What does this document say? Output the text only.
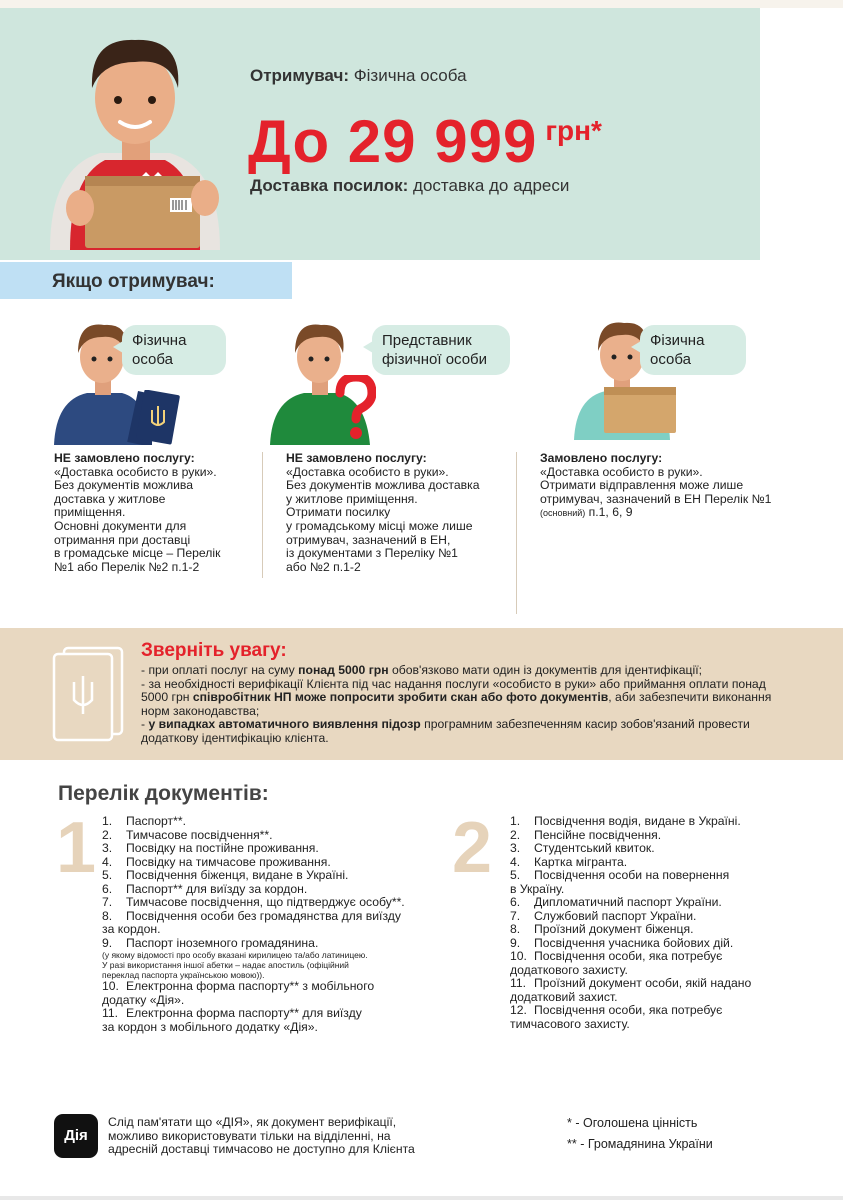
Отримувач: Фізична особа
До 29 999 $^{грн*}$
Доставка посилок: доставка до адреси
Якщо отримувач:
Фізична
особа

НЕ замовлено послугу:

«Доставка особисто в руки».

Без документів можлива

доставка у житлове

приміщення.

Основні документи для

отримання при доставці

в громадське місце – Перелік

№1 або Перелік №2 п.1-2

Представник
фізичної особи

НЕ замовлено послугу:

«Доставка особисто в руки».

Без документів можлива доставка

у житлове приміщення.

Отримати посилку

у громадському місці може лише

отримувач, зазначений в ЕН,

із документами з Переліку №1

або №2 п.1-2

Фізична
особа

Замовлено послугу:

«Доставка особисто в руки».

Отримати відправлення може лише

отримувач, зазначений в ЕН Перелік №1

(основний) п.1, 6, 9

Зверніть увагу:

- при оплаті послуг на суму понад 5000 грн обов'язково мати один із документів для ідентифікації;

- за необхідності верифікації Клієнта під час надання послуги «особисто в руки» або приймання оплати понад

5000 грн співробітник НП може попросити зробити скан або фото документів, аби забезпечити виконання

норм законодавства;

- у випадках автоматичного виявлення підозр програмним забезпеченням касир зобов'язаний провести

додаткову ідентифікацію клієнта.

Перелік документів:
1	2

1. Паспорт**.

2. Тимчасове посвідчення**.

3. Посвідку на постійне проживання.

4. Посвідку на тимчасове проживання.

5. Посвідчення біженця, видане в Україні.

6. Паспорт** для виїзду за кордон.

7. Тимчасове посвідчення, що підтверджує особу**.

8. Посвідчення особи без громадянства для виїзду

за кордон.

9. Паспорт іноземного громадянина.

(у якому відомості про особу вказані кирилицею та/або латиницею.

У разі використання іншої абетки – надає апостиль (офіційний

переклад паспорта українською мовою)).

10. Електронна форма паспорту** з мобільного

додатку «Дія».

11. Електронна форма паспорту** для виїзду

за кордон з мобільного додатку «Дія».

1. Посвідчення водія, видане в Україні.

2. Пенсійне посвідчення.

3. Студентський квиток.

4. Картка мігранта.

5. Посвідчення особи на повернення

в Україну.

6. Дипломатичний паспорт України.

7. Службовий паспорт України.

8. Проїзний документ біженця.

9. Посвідчення учасника бойових дій.

10. Посвідчення особи, яка потребує

додаткового захисту.

11. Проїзний документ особи, якій надано

додатковий захист.

12. Посвідчення особи, яка потребує

тимчасового захисту.

Дія

Слід пам'ятати що «ДІЯ», як документ верифікації,

можливо використовувати тільки на відділенні, на

адресній доставці тимчасово не доступно для Клієнта

* - Оголошена цінність
** - Громадянина України
